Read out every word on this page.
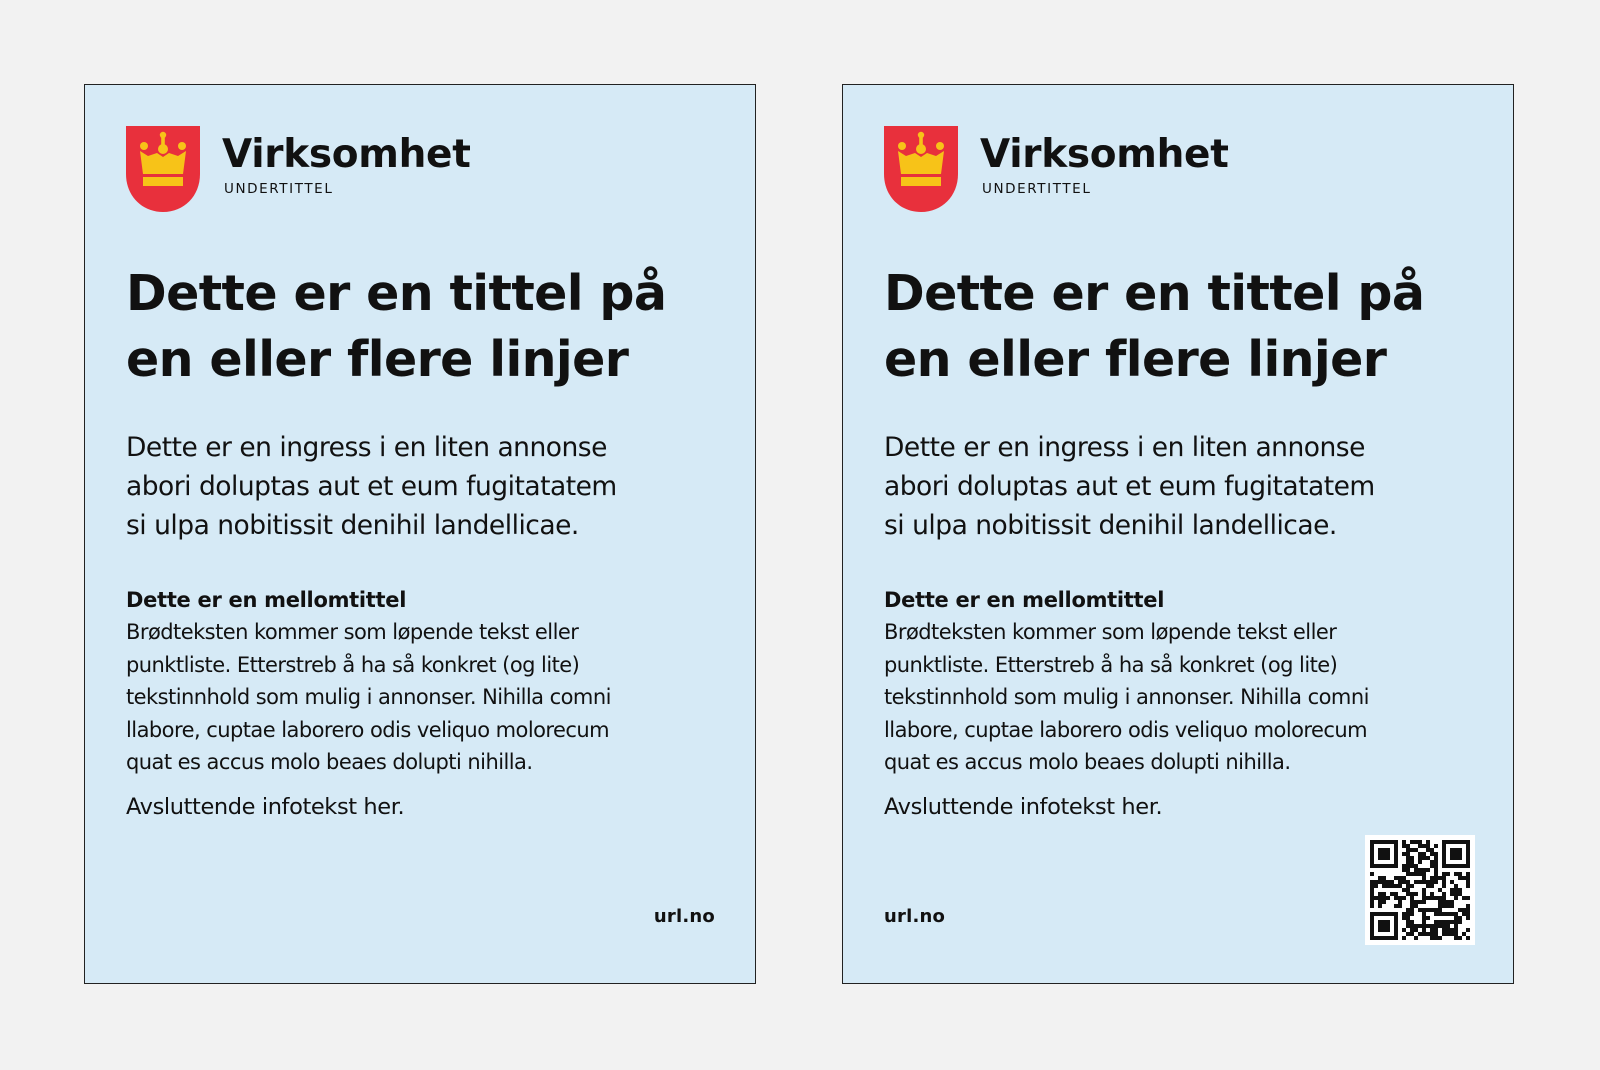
Virksomhet
UNDERTITTEL
Dette er en tittel på
en eller flere linjer

Dette er en ingress i en liten annonse
abori doluptas aut et eum fugitatatem
si ulpa nobitissit denihil landellicae.

Dette er en mellomtittel

Brødteksten kommer som løpende tekst eller
punktliste. Etterstreb å ha så konkret (og lite)
tekstinnhold som mulig i annonser. Nihilla comni
llabore, cuptae laborero odis veliquo molorecum
quat es accus molo beaes dolupti nihilla.

Avsluttende infotekst her.

url.no
Virksomhet
UNDERTITTEL
Dette er en tittel på
en eller flere linjer

Dette er en ingress i en liten annonse
abori doluptas aut et eum fugitatatem
si ulpa nobitissit denihil landellicae.

Dette er en mellomtittel

Brødteksten kommer som løpende tekst eller
punktliste. Etterstreb å ha så konkret (og lite)
tekstinnhold som mulig i annonser. Nihilla comni
llabore, cuptae laborero odis veliquo molorecum
quat es accus molo beaes dolupti nihilla.

Avsluttende infotekst her.

url.no
